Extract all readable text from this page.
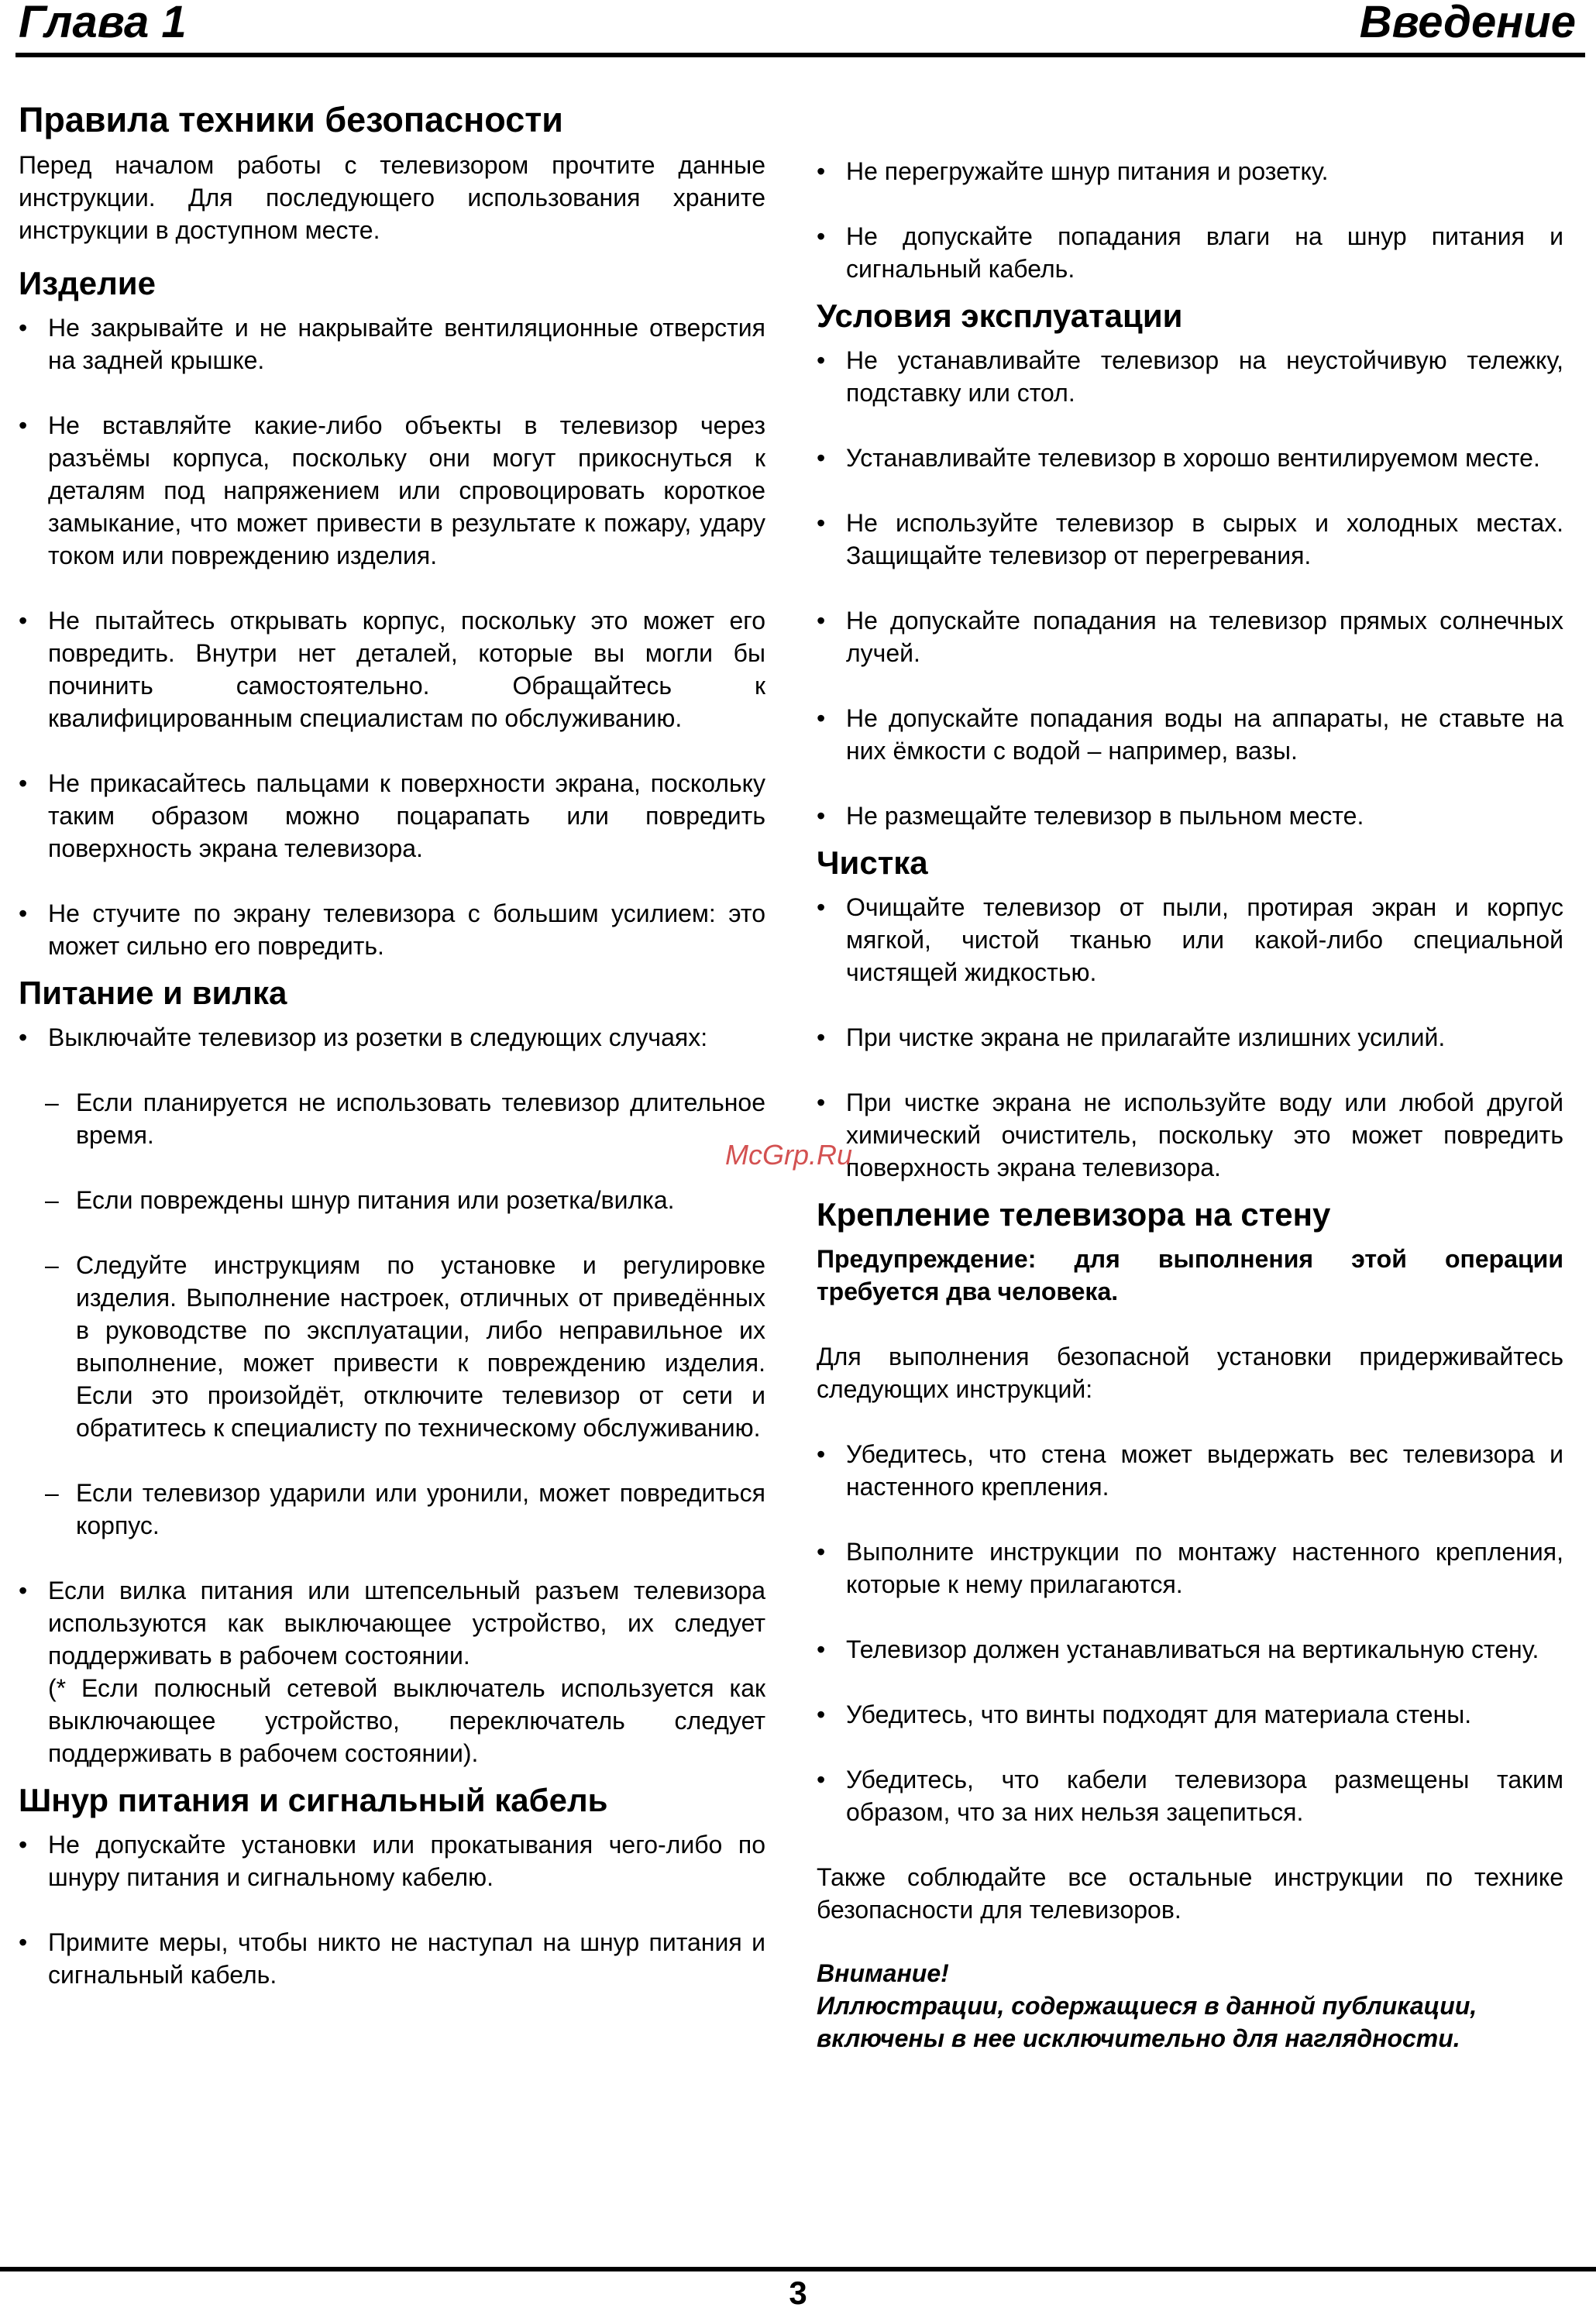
Глава 1	Введение
Правила техники безопасности

Перед началом работы с телевизором прочтите данные инструкции. Для последующего использования храните инструкции в доступном месте.

Изделие
• Не закрывайте и не накрывайте вентиляционные отверстия на задней крышке.
• Не вставляйте какие-либо объекты в телевизор через разъёмы корпуса, поскольку они могут прикоснуться к деталям под напряжением или спровоцировать короткое замыкание, что может привести в результате к пожару, удару током или повреждению изделия.
• Не пытайтесь открывать корпус, поскольку это может его повредить. Внутри нет деталей, которые вы могли бы починить самостоятельно. Обращайтесь к квалифицированным специалистам по обслуживанию.
• Не прикасайтесь пальцами к поверхности экрана, поскольку таким образом можно поцарапать или повредить поверхность экрана телевизора.
• Не стучите по экрану телевизора с большим усилием: это может сильно его повредить.
Питание и вилка
• Выключайте телевизор из розетки в следующих случаях:
– Если планируется не использовать телевизор длительное время.
– Если повреждены шнур питания или розетка/вилка.
– Следуйте инструкциям по установке и регулировке изделия. Выполнение настроек, отличных от приведённых в руководстве по эксплуатации, либо неправильное их выполнение, может привести к повреждению изделия. Если это произойдёт, отключите телевизор от сети и обратитесь к специалисту по техническому обслуживанию.
– Если телевизор ударили или уронили, может повредиться корпус.
• Если вилка питания или штепсельный разъем телевизора используются как выключающее устройство, их следует поддерживать в рабочем состоянии.
(* Если полюсный сетевой выключатель используется как выключающее устройство, переключатель следует поддерживать в рабочем состоянии).
Шнур питания и сигнальный кабель
• Не допускайте установки или прокатывания чего-либо по шнуру питания и сигнальному кабелю.
• Примите меры, чтобы никто не наступал на шнур питания и сигнальный кабель.
• Не перегружайте шнур питания и розетку.
• Не допускайте попадания влаги на шнур питания и сигнальный кабель.
Условия эксплуатации
• Не устанавливайте телевизор на неустойчивую тележку, подставку или стол.
• Устанавливайте телевизор в хорошо вентилируемом месте.
• Не используйте телевизор в сырых и холодных местах. Защищайте телевизор от перегревания.
• Не допускайте попадания на телевизор прямых солнечных лучей.
• Не допускайте попадания воды на аппараты, не ставьте на них ёмкости с водой – например, вазы.
• Не размещайте телевизор в пыльном месте.
Чистка
• Очищайте телевизор от пыли, протирая экран и корпус мягкой, чистой тканью или какой-либо специальной чистящей жидкостью.
• При чистке экрана не прилагайте излишних усилий.
• При чистке экрана не используйте воду или любой другой химический очиститель, поскольку это может повредить поверхность экрана телевизора.
Крепление телевизора на стену
Предупреждение: для выполнения этой операции требуется два человека.

Для выполнения безопасной установки придерживайтесь следующих инструкций:

• Убедитесь, что стена может выдержать вес телевизора и настенного крепления.
• Выполните инструкции по монтажу настенного крепления, которые к нему прилагаются.
• Телевизор должен устанавливаться на вертикальную стену.
• Убедитесь, что винты подходят для материала стены.
• Убедитесь, что кабели телевизора размещены таким образом, что за них нельзя зацепиться.

Также соблюдайте все остальные инструкции по технике безопасности для телевизоров.

Внимание!
Иллюстрации, содержащиеся в данной публикации, включены в нее исключительно для наглядности.
McGrp.Ru
3
